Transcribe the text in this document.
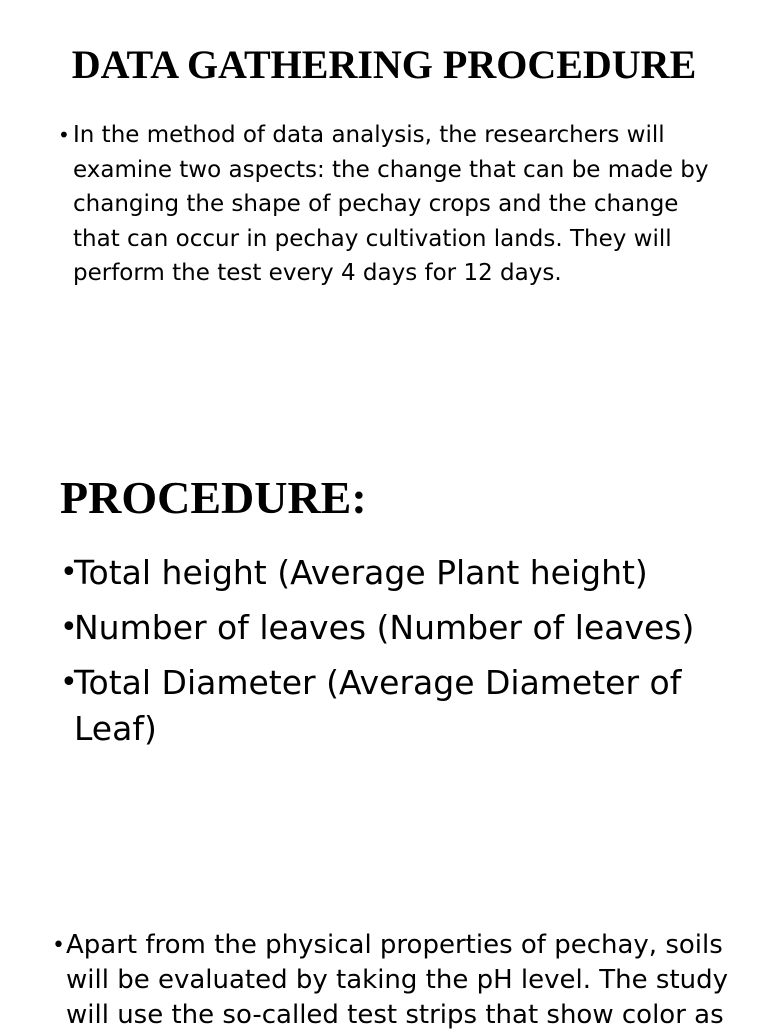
DATA GATHERING PROCEDURE
• In the method of data analysis, the researchers will examine two aspects: the change that can be made by changing the shape of pechay crops and the change that can occur in pechay cultivation lands. They will perform the test every 4 days for 12 days.
PROCEDURE:
•
Total height (Average Plant height)
•
Number of leaves (Number of leaves)
•
Total Diameter (Average Diameter of Leaf)
• Apart from the physical properties of pechay, soils will be evaluated by taking the pH level. The study will use the so-called test strips that show color as
